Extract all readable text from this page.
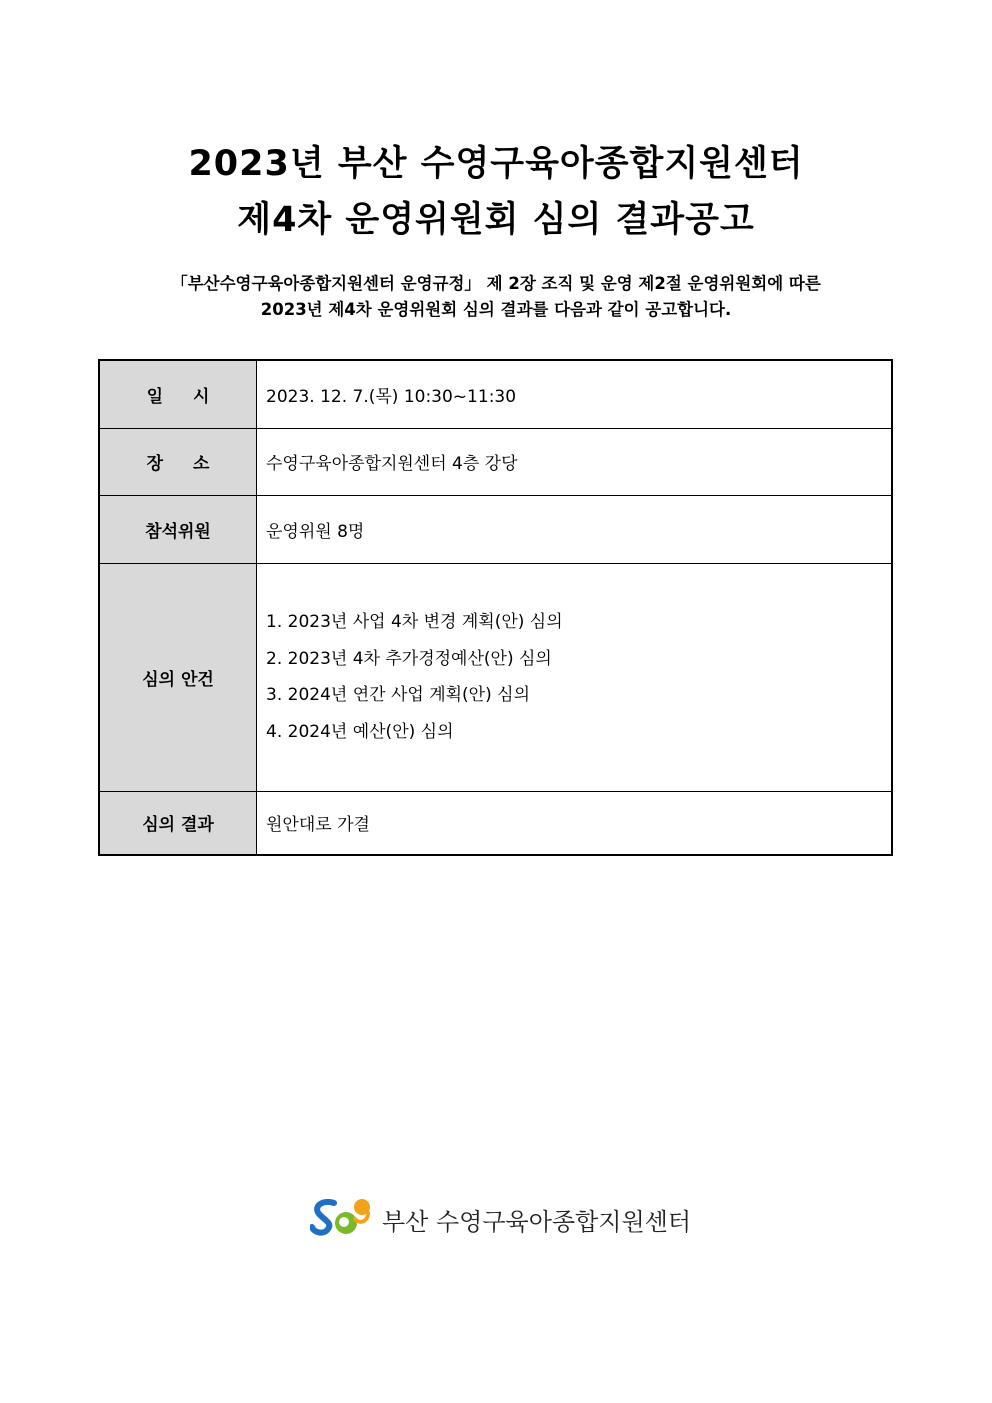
2023년 부산 수영구육아종합지원센터
제4차 운영위원회 심의 결과공고
「부산수영구육아종합지원센터 운영규정」 제 2장 조직 및 운영 제2절 운영위원회에 따른
2023년 제4차 운영위원회 심의 결과를 다음과 같이 공고합니다.
일시	2023. 12. 7.(목) 10:30~11:30
장소	수영구육아종합지원센터 4층 강당
참석위원	운영위원 8명
심의 안건	1. 2023년 사업 4차 변경 계획(안) 심의
2. 2023년 4차 추가경정예산(안) 심의
3. 2024년 연간 사업 계획(안) 심의
4. 2024년 예산(안) 심의

심의 결과	원안대로 가결
부산 수영구육아종합지원센터
